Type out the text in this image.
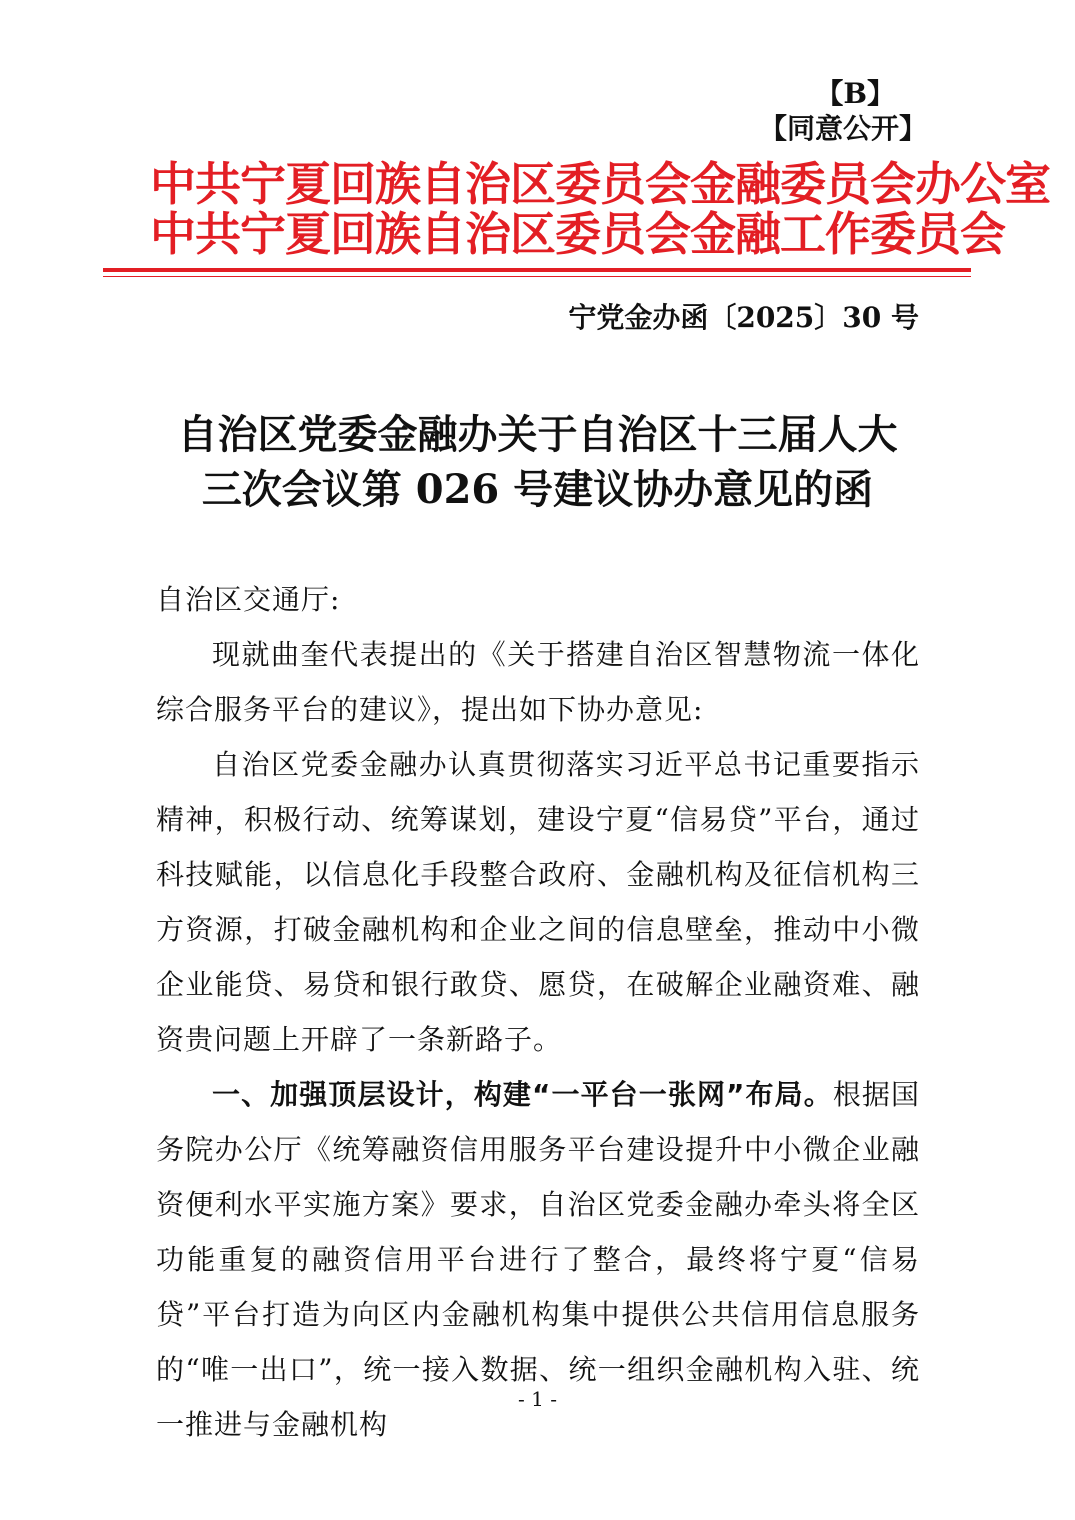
【B】
【同意公开】
中共宁夏回族自治区委员会金融委员会办公室
中共宁夏回族自治区委员会金融工作委员会
宁党金办函〔2025〕30 号
自治区党委金融办关于自治区十三届人大
三次会议第 026 号建议协办意见的函

自治区交通厅:

现就曲奎代表提出的《关于搭建自治区智慧物流一体化综合服务平台的建议》，提出如下协办意见:

自治区党委金融办认真贯彻落实习近平总书记重要指示精神，积极行动、统筹谋划，建设宁夏“信易贷”平台，通过科技赋能，以信息化手段整合政府、金融机构及征信机构三方资源，打破金融机构和企业之间的信息壁垒，推动中小微企业能贷、易贷和银行敢贷、愿贷，在破解企业融资难、融资贵问题上开辟了一条新路子。

一、加强顶层设计，构建“一平台一张网”布局。根据国务院办公厅《统筹融资信用服务平台建设提升中小微企业融资便利水平实施方案》要求，自治区党委金融办牵头将全区功能重复的融资信用平台进行了整合，最终将宁夏“信易贷”平台打造为向区内金融机构集中提供公共信用信息服务的“唯一出口”，统一接入数据、统一组织金融机构入驻、统一推进与金融机构

- 1 -
